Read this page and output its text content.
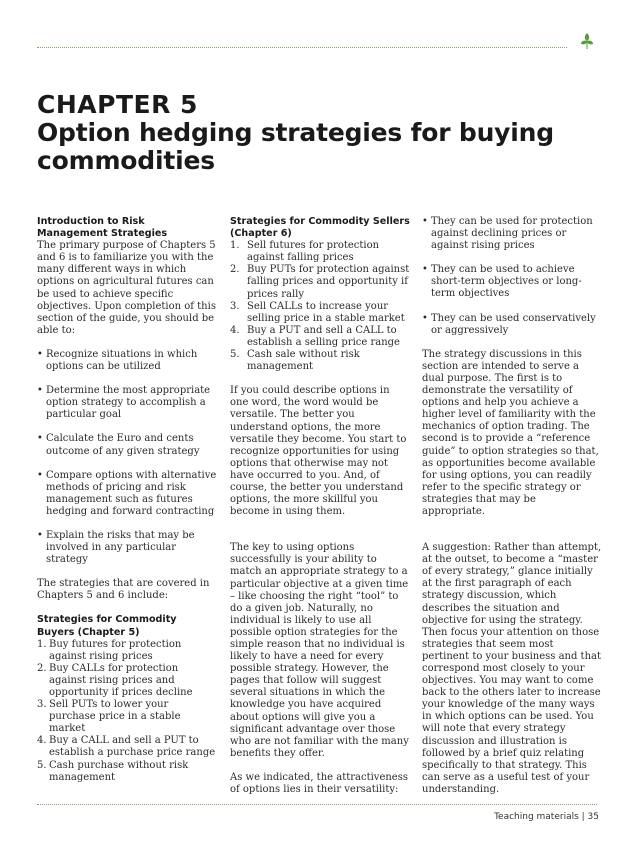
CHAPTER 5
Option hedging strategies for buying commodities
Introduction to Risk Management Strategies

The primary purpose of Chapters 5 and 6 is to familiarize you with the many different ways in which options on agricultural futures can be used to achieve specific objectives. Upon completion of this section of the guide, you should be able to:

• Recognize situations in which options can be utilized
• Determine the most appropriate option strategy to accomplish a particular goal
• Calculate the Euro and cents outcome of any given strategy
• Compare options with alternative methods of pricing and risk management such as futures hedging and forward contracting
• Explain the risks that may be involved in any particular strategy

The strategies that are covered in Chapters 5 and 6 include:

Strategies for Commodity Buyers (Chapter 5)
1. Buy futures for protection against rising prices
2. Buy CALLs for protection against rising prices and opportunity if prices decline
3. Sell PUTs to lower your purchase price in a stable market
4. Buy a CALL and sell a PUT to establish a purchase price range
5. Cash purchase without risk management
Strategies for Commodity Sellers (Chapter 6)
1. Sell futures for protection against falling prices
2. Buy PUTs for protection against falling prices and opportunity if prices rally
3. Sell CALLs to increase your selling price in a stable market
4. Buy a PUT and sell a CALL to establish a selling price range
5. Cash sale without risk management

If you could describe options in one word, the word would be versatile. The better you understand options, the more versatile they become. You start to recognize opportunities for using options that otherwise may not have occurred to you. And, of course, the better you understand options, the more skillful you become in using them.

The key to using options successfully is your ability to match an appropriate strategy to a particular objective at a given time – like choosing the right “tool” to do a given job. Naturally, no individual is likely to use all possible option strategies for the simple reason that no individual is likely to have a need for every possible strategy. However, the pages that follow will suggest several situations in which the knowledge you have acquired about options will give you a significant advantage over those who are not familiar with the many benefits they offer.

As we indicated, the attractiveness of options lies in their versatility:

• They can be used for protection against declining prices or against rising prices
• They can be used to achieve short-term objectives or long-term objectives
• They can be used conservatively or aggressively

The strategy discussions in this section are intended to serve a dual purpose. The first is to demonstrate the versatility of options and help you achieve a higher level of familiarity with the mechanics of option trading. The second is to provide a “reference guide” to option strategies so that, as opportunities become available for using options, you can readily refer to the specific strategy or strategies that may be appropriate.

A suggestion: Rather than attempt, at the outset, to become a “master of every strategy,” glance initially at the first paragraph of each strategy discussion, which describes the situation and objective for using the strategy. Then focus your attention on those strategies that seem most pertinent to your business and that correspond most closely to your objectives. You may want to come back to the others later to increase your knowledge of the many ways in which options can be used. You will note that every strategy discussion and illustration is followed by a brief quiz relating specifically to that strategy. This can serve as a useful test of your understanding.

Teaching materials | 35
